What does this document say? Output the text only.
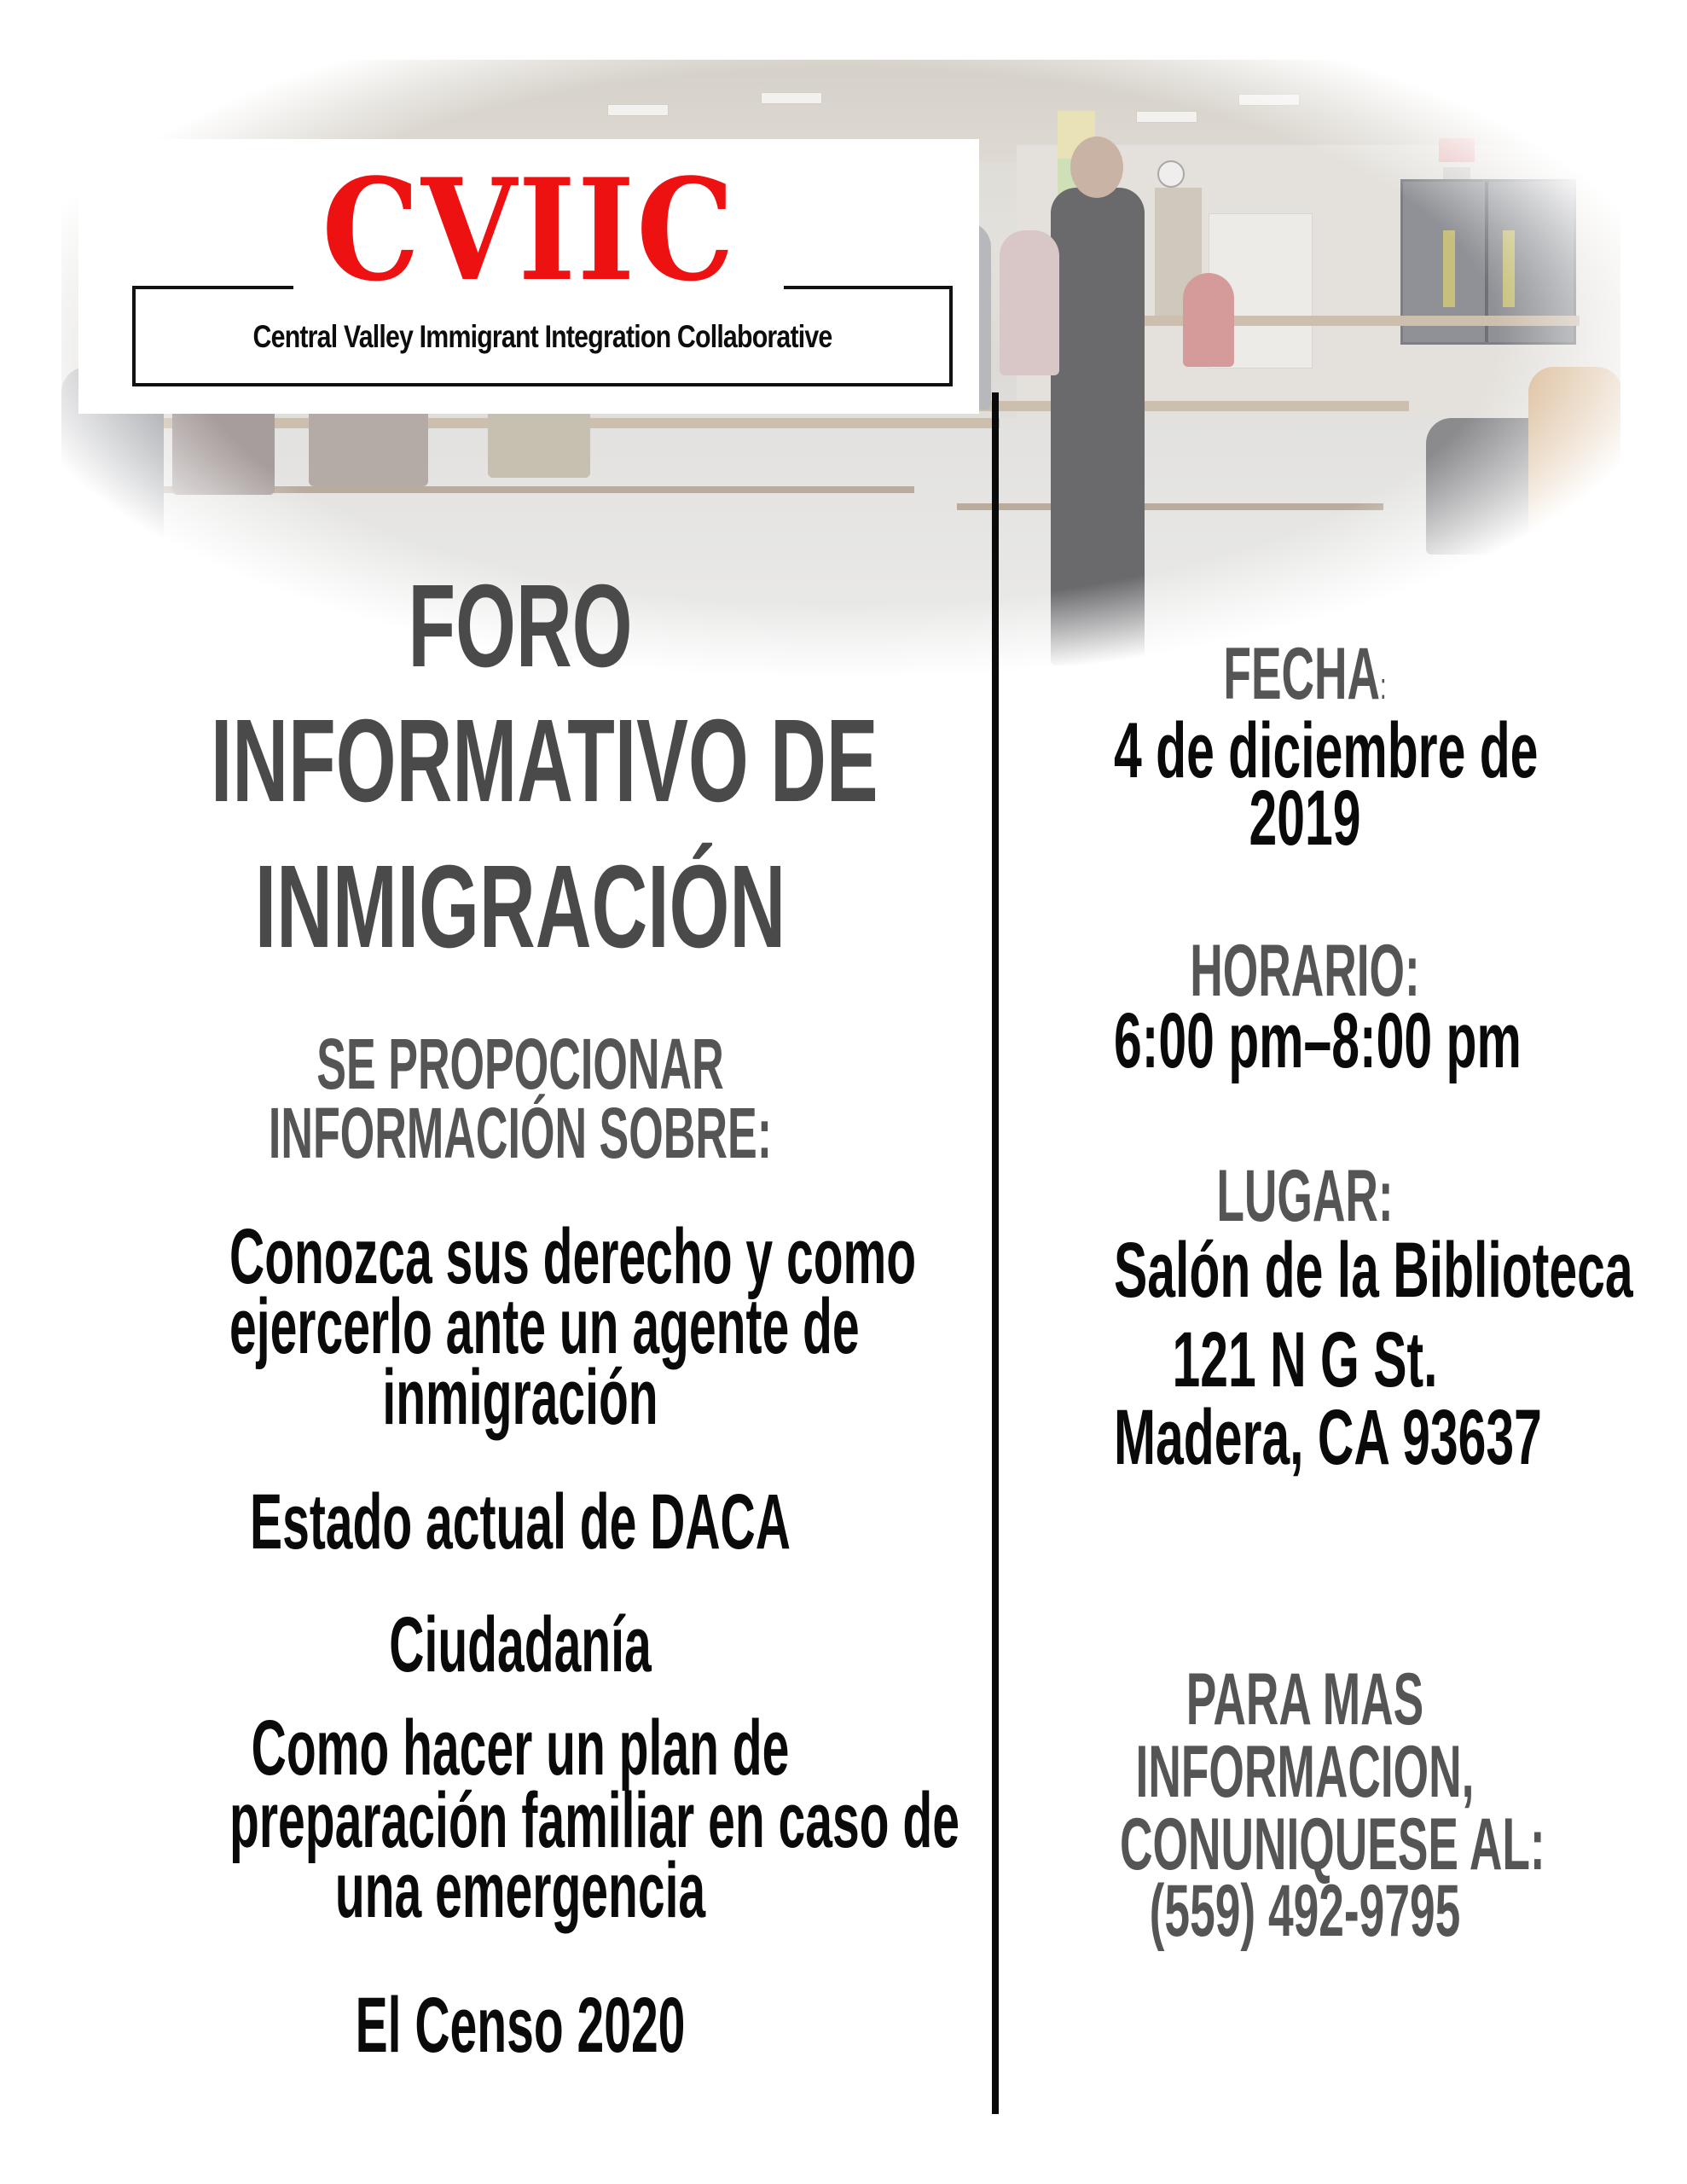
CVIIC
Central Valley Immigrant Integration Collaborative
FORO
INFORMATIVO DE
INMIGRACIÓN
SE PROPOCIONAR
INFORMACIÓN SOBRE:
Conozca sus derecho y como
ejercerlo ante un agente de
inmigración
Estado actual de DACA
Ciudadanía
Como hacer un plan de
preparación familiar en caso de
una emergencia
El Censo 2020
FECHA:
4 de diciembre de
2019
HORARIO:
6:00 pm–8:00 pm
LUGAR:
Salón de la Biblioteca
121 N G St.
Madera, CA 93637
PARA MAS
INFORMACION,
CONUNIQUESE AL:
(559) 492-9795
